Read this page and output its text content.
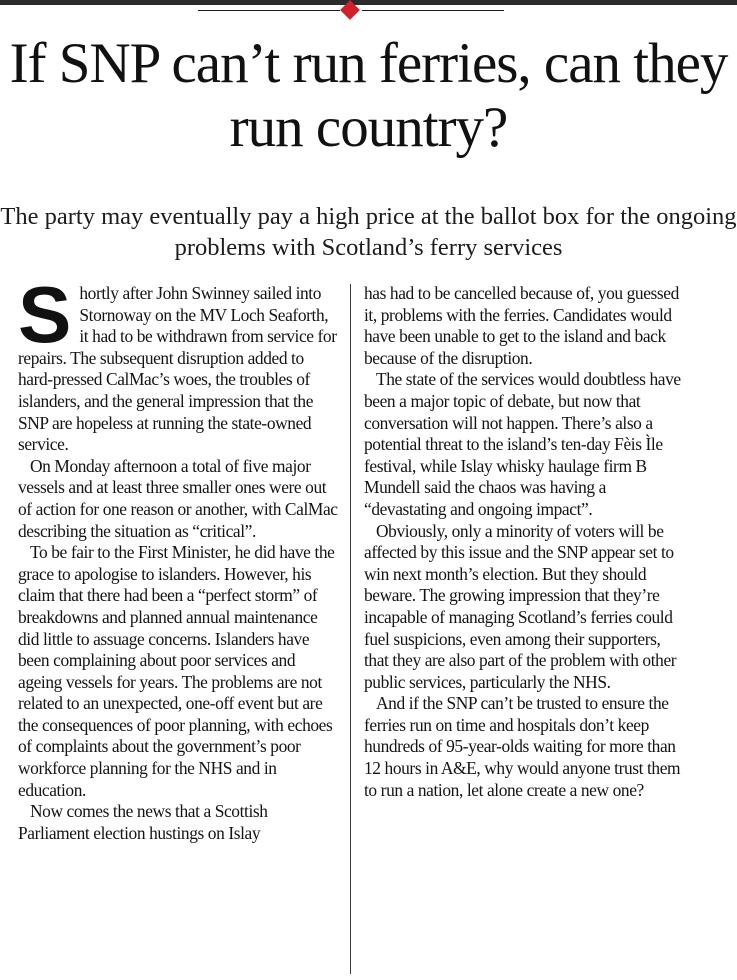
If SNP can’t run ferries, can they run country?

The party may eventually pay a high price at the ballot box for the ongoing problems with Scotland’s ferry services

Shortly after John Swinney sailed into Stornoway on the MV Loch Seaforth, it had to be withdrawn from service for repairs. The subsequent disruption added to hard-pressed CalMac’s woes, the troubles of islanders, and the general impression that the SNP are hopeless at running the state-owned service.

On Monday afternoon a total of five major vessels and at least three smaller ones were out of action for one reason or another, with CalMac describing the situation as “critical”.

To be fair to the First Minister, he did have the grace to apologise to islanders. However, his claim that there had been a “perfect storm” of breakdowns and planned annual maintenance did little to assuage concerns. Islanders have been complaining about poor services and ageing vessels for years. The problems are not related to an unexpected, one-off event but are the consequences of poor planning, with echoes of complaints about the government’s poor workforce planning for the NHS and in education.

Now comes the news that a Scottish Parliament election hustings on Islay

has had to be cancelled because of, you guessed it, problems with the ferries. Candidates would have been unable to get to the island and back because of the disruption.

The state of the services would doubtless have been a major topic of debate, but now that conversation will not happen. There’s also a potential threat to the island’s ten-day Fèis Ìle festival, while Islay whisky haulage firm B Mundell said the chaos was having a “devastating and ongoing impact”.

Obviously, only a minority of voters will be affected by this issue and the SNP appear set to win next month’s election. But they should beware. The growing impression that they’re incapable of managing Scotland’s ferries could fuel suspicions, even among their supporters, that they are also part of the problem with other public services, particularly the NHS.

And if the SNP can’t be trusted to ensure the ferries run on time and hospitals don’t keep hundreds of 95-year-olds waiting for more than 12 hours in A&E, why would anyone trust them to run a nation, let alone create a new one?
